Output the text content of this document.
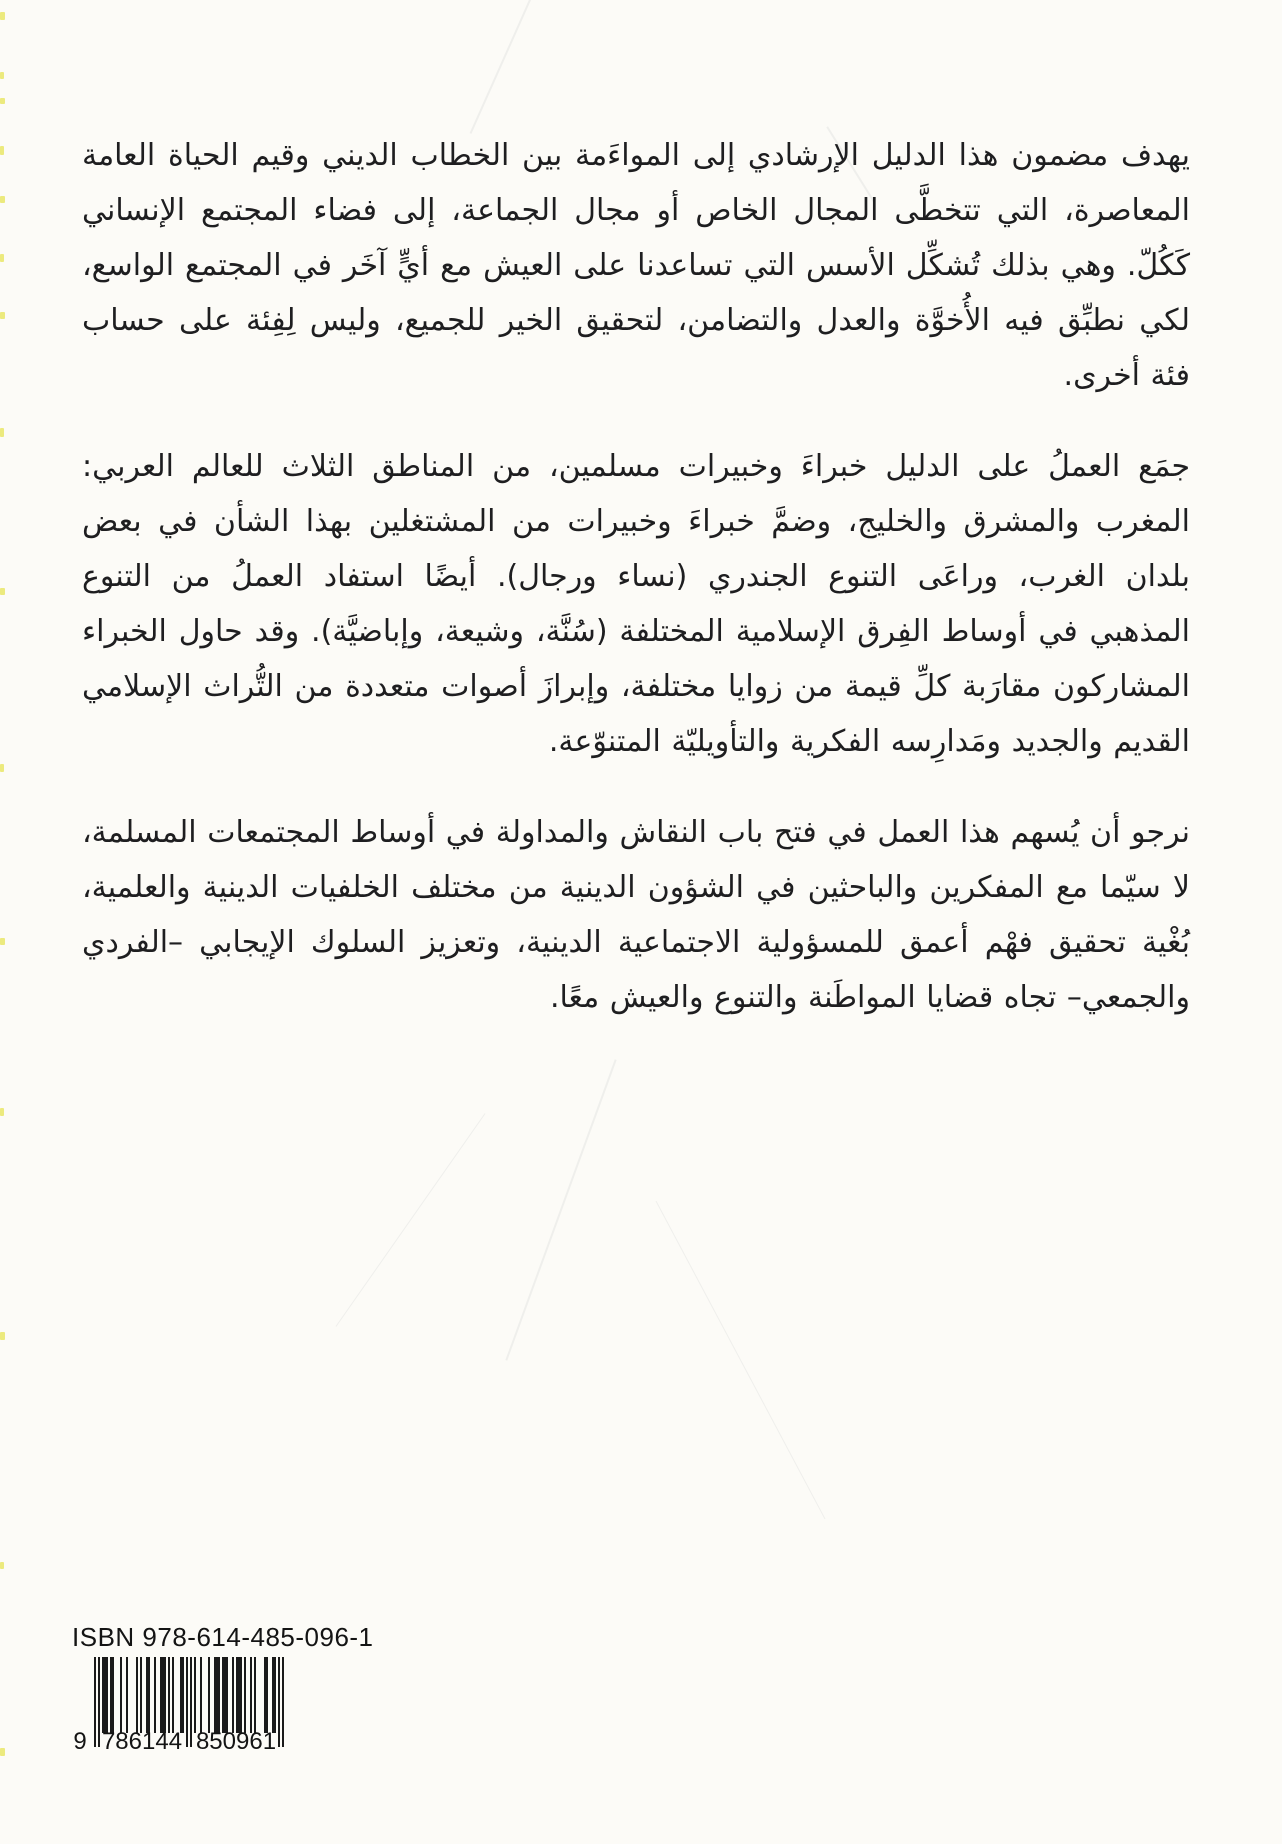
يهدف مضمون هذا الدليل الإرشادي إلى المواءَمة بين الخطاب الديني وقيم الحياة العامة المعاصرة، التي تتخطَّى المجال الخاص أو مجال الجماعة، إلى فضاء المجتمع الإنساني كَكُلّ. وهي بذلك تُشكِّل الأسس التي تساعدنا على العيش مع أيٍّ آخَر في المجتمع الواسع، لكي نطبِّق فيه الأُخوَّة والعدل والتضامن، لتحقيق الخير للجميع، وليس لِفِئة على حساب فئة أخرى.

جمَع العملُ على الدليل خبراءَ وخبيرات مسلمين، من المناطق الثلاث للعالم العربي: المغرب والمشرق والخليج، وضمَّ خبراءَ وخبيرات من المشتغلين بهذا الشأن في بعض بلدان الغرب، وراعَى التنوع الجندري (نساء ورجال). أيضًا استفاد العملُ من التنوع المذهبي في أوساط الفِرق الإسلامية المختلفة (سُنَّة، وشيعة، وإباضيَّة). وقد حاول الخبراء المشاركون مقارَبة كلِّ قيمة من زوايا مختلفة، وإبرازَ أصوات متعددة من التُّراث الإسلامي القديم والجديد ومَدارِسه الفكرية والتأويليّة المتنوّعة.

نرجو أن يُسهم هذا العمل في فتح باب النقاش والمداولة في أوساط المجتمعات المسلمة، لا سيّما مع المفكرين والباحثين في الشؤون الدينية من مختلف الخلفيات الدينية والعلمية، بُغْية تحقيق فهْم أعمق للمسؤولية الاجتماعية الدينية، وتعزيز السلوك الإيجابي –الفردي والجمعي– تجاه قضايا المواطَنة والتنوع والعيش معًا.

ISBN 978-614-485-096-1
9 786144 850961
